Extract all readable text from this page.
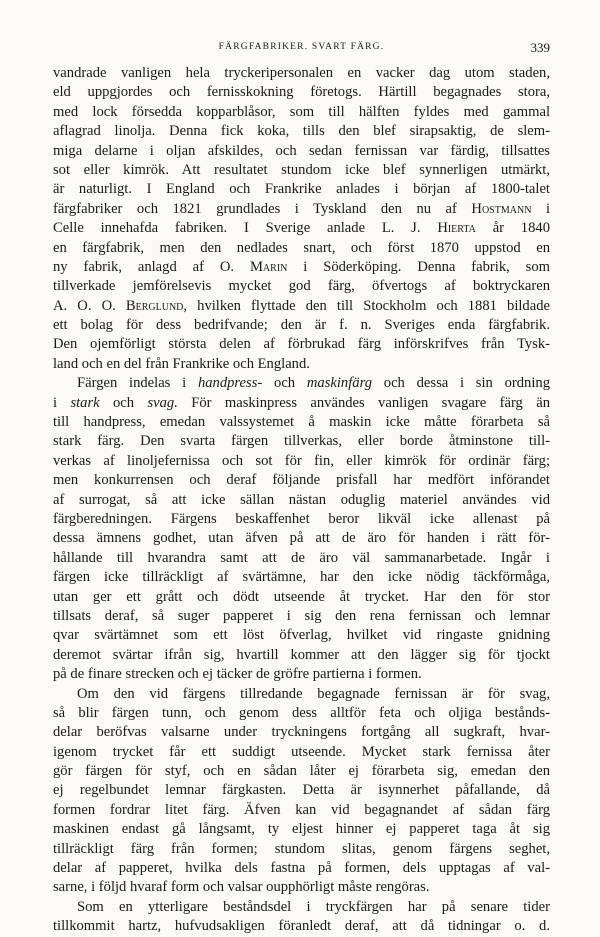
FÄRGFABRIKER. SVART FÄRG.	339
vandrade vanligen hela tryckeripersonalen en vacker dag utom staden,
eld uppgjordes och fernisskokning företogs. Härtill begagnades stora,
med lock försedda kopparblåsor, som till hälften fyldes med gammal
aflagrad linolja. Denna fick koka, tills den blef sirapsaktig, de slem-
miga delarne i oljan afskildes, och sedan fernissan var färdig, tillsattes
sot eller kimrök. Att resultatet stundom icke blef synnerligen utmärkt,
är naturligt. I England och Frankrike anlades i början af 1800-talet
färgfabriker och 1821 grundlades i Tyskland den nu af Hostmann i
Celle innehafda fabriken. I Sverige anlade L. J. Hierta år 1840
en färgfabrik, men den nedlades snart, och först 1870 uppstod en
ny fabrik, anlagd af O. Marin i Söderköping. Denna fabrik, som
tillverkade jemförelsevis mycket god färg, öfvertogs af boktryckaren
A. O. O. Berglund, hvilken flyttade den till Stockholm och 1881 bildade
ett bolag för dess bedrifvande; den är f. n. Sveriges enda färgfabrik.
Den ojemförligt största delen af förbrukad färg införskrifves från Tysk-
land och en del från Frankrike och England.
Färgen indelas i handpress- och maskinfärg och dessa i sin ordning
i stark och svag. För maskinpress användes vanligen svagare färg än
till handpress, emedan valssystemet å maskin icke måtte förarbeta så
stark färg. Den svarta färgen tillverkas, eller borde åtminstone till-
verkas af linoljefernissa och sot för fin, eller kimrök för ordinär färg;
men konkurrensen och deraf följande prisfall har medfört införandet
af surrogat, så att icke sällan nästan oduglig materiel användes vid
färgberedningen. Färgens beskaffenhet beror likväl icke allenast på
dessa ämnens godhet, utan äfven på att de äro för handen i rätt för-
hållande till hvarandra samt att de äro väl sammanarbetade. Ingår i
färgen icke tillräckligt af svärtämne, har den icke nödig täckförmåga,
utan ger ett grått och dödt utseende åt trycket. Har den för stor
tillsats deraf, så suger papperet i sig den rena fernissan och lemnar
qvar svärtämnet som ett löst öfverlag, hvilket vid ringaste gnidning
deremot svärtar ifrån sig, hvartill kommer att den lägger sig för tjockt
på de finare strecken och ej täcker de gröfre partierna i formen.
Om den vid färgens tillredande begagnade fernissan är för svag,
så blir färgen tunn, och genom dess alltför feta och oljiga bestånds-
delar beröfvas valsarne under tryckningens fortgång all sugkraft, hvar-
igenom trycket får ett suddigt utseende. Mycket stark fernissa åter
gör färgen för styf, och en sådan låter ej förarbeta sig, emedan den
ej regelbundet lemnar färgkasten. Detta är isynnerhet påfallande, då
formen fordrar litet färg. Äfven kan vid begagnandet af sådan färg
maskinen endast gå långsamt, ty eljest hinner ej papperet taga åt sig
tillräckligt färg från formen; stundom slitas, genom färgens seghet,
delar af papperet, hvilka dels fastna på formen, dels upptagas af val-
sarne, i följd hvaraf form och valsar oupphörligt måste rengöras.
Som en ytterligare beståndsdel i tryckfärgen har på senare tider
tillkommit hartz, hufvudsakligen föranledt deraf, att då tidningar o. d.
